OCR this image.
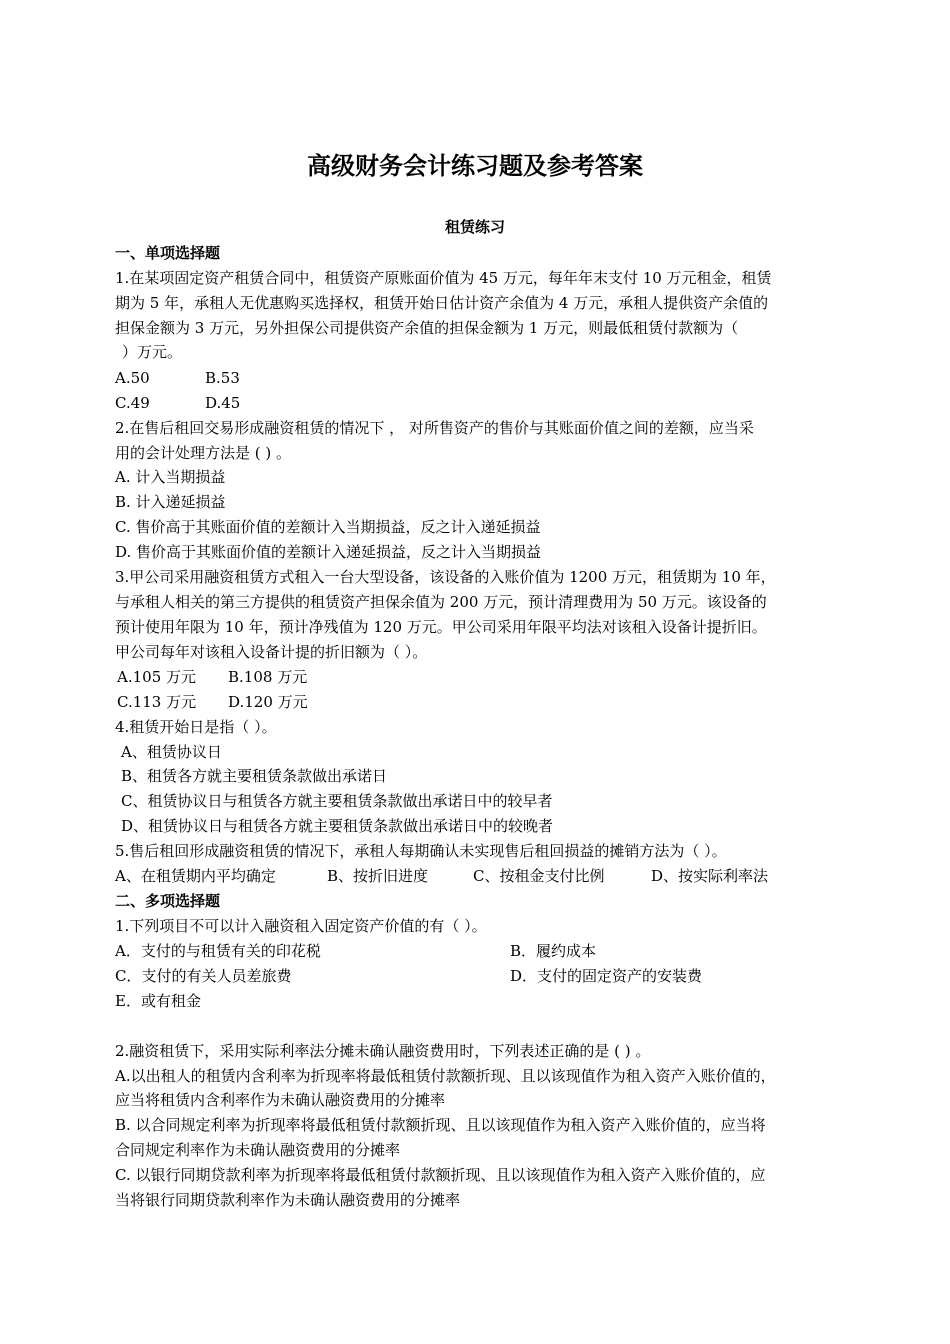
高级财务会计练习题及参考答案
租赁练习
一、单项选择题
1.在某项固定资产租赁合同中，租赁资产原账面价值为 45 万元，每年年末支付 10 万元租金，租赁
期为 5 年，承租人无优惠购买选择权，租赁开始日估计资产余值为 4 万元，承租人提供资产余值的
担保金额为 3 万元，另外担保公司提供资产余值的担保金额为 1 万元，则最低租赁付款额为（
）万元。
A.50	B.53
C.49	D.45
2.在售后租回交易形成融资租赁的情况下 ， 对所售资产的售价与其账面价值之间的差额，应当采
用的会计处理方法是 ( ) 。
A. 计入当期损益
B. 计入递延损益
C. 售价高于其账面价值的差额计入当期损益，反之计入递延损益
D. 售价高于其账面价值的差额计入递延损益，反之计入当期损益
3.甲公司采用融资租赁方式租入一台大型设备，该设备的入账价值为 1200 万元，租赁期为 10 年，
与承租人相关的第三方提供的租赁资产担保余值为 200 万元，预计清理费用为 50 万元。该设备的
预计使用年限为 10 年，预计净残值为 120 万元。甲公司采用年限平均法对该租入设备计提折旧。
甲公司每年对该租入设备计提的折旧额为（ ）。
A.105 万元	B.108 万元
C.113 万元	D.120 万元
4.租赁开始日是指（ ）。
A、租赁协议日
B、租赁各方就主要租赁条款做出承诺日
C、租赁协议日与租赁各方就主要租赁条款做出承诺日中的较早者
D、租赁协议日与租赁各方就主要租赁条款做出承诺日中的较晚者
5.售后租回形成融资租赁的情况下，承租人每期确认未实现售后租回损益的摊销方法为（ ）。
A、在租赁期内平均确定	B、按折旧进度	C、按租金支付比例	D、按实际利率法
二、多项选择题
1.下列项目不可以计入融资租入固定资产价值的有（ ）。
A．支付的与租赁有关的印花税	B．履约成本
C．支付的有关人员差旅费	D．支付的固定资产的安装费
E．或有租金
2.融资租赁下，采用实际利率法分摊未确认融资费用时，下列表述正确的是 ( ) 。
A.以出租人的租赁内含利率为折现率将最低租赁付款额折现、且以该现值作为租入资产入账价值的，
应当将租赁内含利率作为未确认融资费用的分摊率
B. 以合同规定利率为折现率将最低租赁付款额折现、且以该现值作为租入资产入账价值的，应当将
合同规定利率作为未确认融资费用的分摊率
C. 以银行同期贷款利率为折现率将最低租赁付款额折现、且以该现值作为租入资产入账价值的，应
当将银行同期贷款利率作为未确认融资费用的分摊率
